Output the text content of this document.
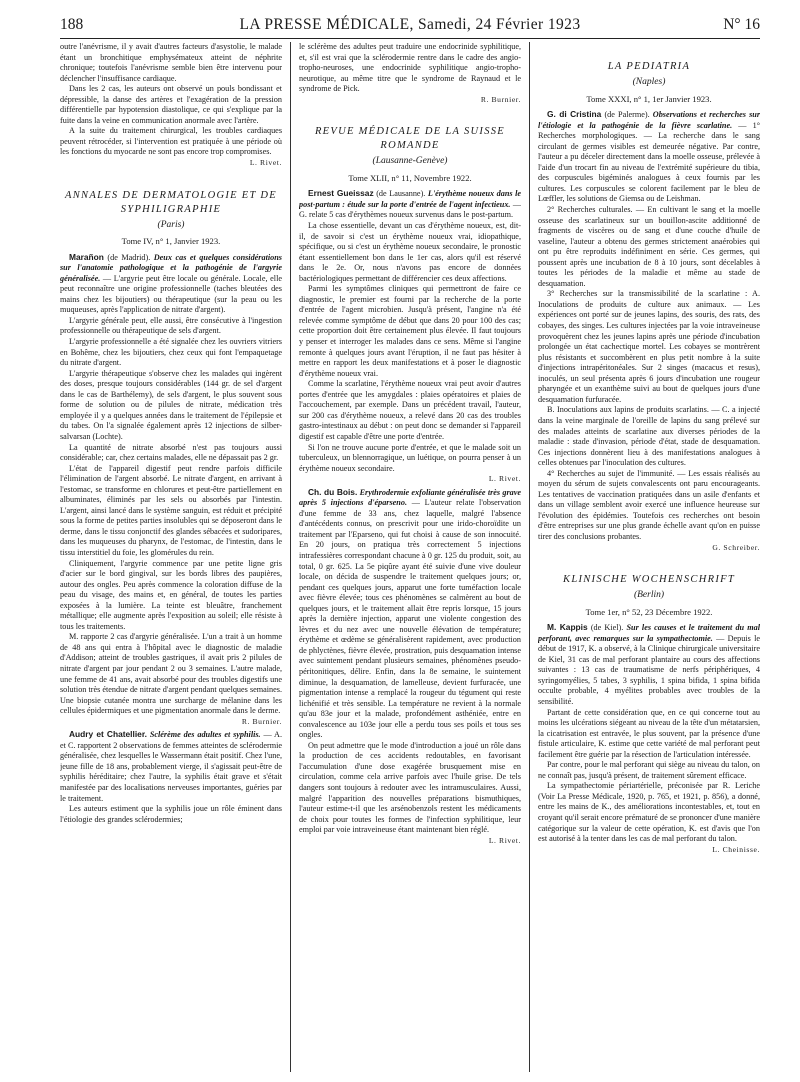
188	LA PRESSE MÉDICALE, Samedi, 24 Février 1923	N° 16

outre l'anévrisme, il y avait d'autres facteurs d'asystolie, le malade étant un bronchitique emphysémateux atteint de néphrite chronique; toutefois l'anévrisme semble bien être intervenu pour déclencher l'insuffisance cardiaque.

Dans les 2 cas, les auteurs ont observé un pouls bondissant et dépressible, la danse des artères et l'exagération de la pression différentielle par hypotension diastolique, ce qui s'explique par la fuite dans la veine en communication anormale avec l'artère.

A la suite du traitement chirurgical, les troubles cardiaques peuvent rétrocéder, si l'intervention est pratiquée à une période où les fonctions du myocarde ne sont pas encore trop compromises.

L. Rivet.
ANNALES DE DERMATOLOGIE ET DE SYPHILIGRAPHIE
(Paris)
Tome IV, n° 1, Janvier 1923.

Marañon (de Madrid). Deux cas et quelques considérations sur l'anatomie pathologique et la pathogénie de l'argyrie généralisée. — L'argyrie peut être locale ou générale. Locale, elle peut reconnaître une origine professionnelle (taches bleutées des mains chez les bijoutiers) ou thérapeutique (sur la peau ou les muqueuses, après l'application de nitrate d'argent).

L'argyrie générale peut, elle aussi, être consécutive à l'ingestion professionnelle ou thérapeutique de sels d'argent.

L'argyrie professionnelle a été signalée chez les ouvriers vitriers en Bohême, chez les bijoutiers, chez ceux qui font l'empaquetage du nitrate d'argent.

L'argyrie thérapeutique s'observe chez les malades qui ingèrent des doses, presque toujours considérables (144 gr. de sel d'argent dans le cas de Barthélemy), de sels d'argent, le plus souvent sous forme de solution ou de pilules de nitrate, médication très employée il y a quelques années dans le traitement de l'épilepsie et du tabes. On l'a signalée également après 12 injections de silber-salvarsan (Lochte).

La quantité de nitrate absorbé n'est pas toujours aussi considérable; car, chez certains malades, elle ne dépassait pas 2 gr.

L'état de l'appareil digestif peut rendre parfois difficile l'élimination de l'argent absorbé. Le nitrate d'argent, en arrivant à l'estomac, se transforme en chlorures et peut-être partiellement en albuminates, éliminés par les sels ou absorbés par l'intestin. L'argent, ainsi lancé dans le système sanguin, est réduit et précipité sous la forme de petites parties insolubles qui se déposeront dans le derme, dans le tissu conjonctif des glandes sébacées et sudoripares, dans les muqueuses du pharynx, de l'estomac, de l'intestin, dans le tissu interstitiel du foie, les glomérules du rein.

Cliniquement, l'argyrie commence par une petite ligne gris d'acier sur le bord gingival, sur les bords libres des paupières, autour des ongles. Peu après commence la coloration diffuse de la peau du visage, des mains et, en général, de toutes les parties exposées à la lumière. La teinte est bleuâtre, franchement métallique; elle augmente après l'exposition au soleil; elle résiste à tous les traitements.

M. rapporte 2 cas d'argyrie généralisée. L'un a trait à un homme de 48 ans qui entra à l'hôpital avec le diagnostic de maladie d'Addison; atteint de troubles gastriques, il avait pris 2 pilules de nitrate d'argent par jour pendant 2 ou 3 semaines. L'autre malade, une femme de 41 ans, avait absorbé pour des troubles digestifs une solution très étendue de nitrate d'argent pendant quelques semaines. Une biopsie cutanée montra une surcharge de mélanine dans les cellules épidermiques et une pigmentation anormale dans le derme.

R. Burnier.

Audry et Chatellier. Sclérème des adultes et syphilis. — A. et C. rapportent 2 observations de femmes atteintes de sclérodermie généralisée, chez lesquelles le Wassermann était positif. Chez l'une, jeune fille de 18 ans, probablement vierge, il s'agissait peut-être de syphilis héréditaire; chez l'autre, la syphilis était grave et s'était manifestée par des localisations nerveuses importantes, guéries par le traitement.

Les auteurs estiment que la syphilis joue un rôle éminent dans l'étiologie des grandes sclérodermies;

le sclérème des adultes peut traduire une endocrinide syphilitique, et, s'il est vrai que la sclérodermie rentre dans le cadre des angio-tropho-neuroses, une endocrinide syphilitique angio-tropho-neurotique, au même titre que le syndrome de Raynaud et le syndrome de Pick.

R. Burnier.
REVUE MÉDICALE DE LA SUISSE ROMANDE
(Lausanne-Genève)
Tome XLII, n° 11, Novembre 1922.

Ernest Gueissaz (de Lausanne). L'érythème noueux dans le post-partum : étude sur la porte d'entrée de l'agent infectieux. — G. relate 5 cas d'érythèmes noueux survenus dans le post-partum.

La chose essentielle, devant un cas d'érythème noueux, est, dit-il, de savoir si c'est un érythème noueux vrai, idiopathique, spécifique, ou si c'est un érythème noueux secondaire, le pronostic étant essentiellement bon dans le 1er cas, alors qu'il est réservé dans le 2e. Or, nous n'avons pas encore de données bactériologiques permettant de différencier ces deux affections.

Parmi les symptômes cliniques qui permettront de faire ce diagnostic, le premier est fourni par la recherche de la porte d'entrée de l'agent microbien. Jusqu'à présent, l'angine n'a été relevée comme symptôme de début que dans 20 pour 100 des cas; cette proportion doit être certainement plus élevée. Il faut toujours y penser et interroger les malades dans ce sens. Même si l'angine remonte à quelques jours avant l'éruption, il ne faut pas hésiter à mettre en rapport les deux manifestations et à poser le diagnostic d'érythème noueux vrai.

Comme la scarlatine, l'érythème noueux vrai peut avoir d'autres portes d'entrée que les amygdales : plaies opératoires et plaies de l'accouchement, par exemple. Dans un précédent travail, l'auteur, sur 200 cas d'érythème noueux, a relevé dans 20 cas des troubles gastro-intestinaux au début : on peut donc se demander si l'appareil digestif est capable d'être une porte d'entrée.

Si l'on ne trouve aucune porte d'entrée, et que le malade soit un tuberculeux, un blennorragique, un luétique, on pourra penser à un érythème noueux secondaire.

L. Rivet.

Ch. du Bois. Erythrodermie exfoliante généralisée très grave après 5 injections d'éparseno. — L'auteur relate l'observation d'une femme de 33 ans, chez laquelle, malgré l'absence d'antécédents connus, on prescrivit pour une irido-choroïdite un traitement par l'Eparseno, qui fut choisi à cause de son innocuité. En 20 jours, on pratiqua très correctement 5 injections intrafessières correspondant chacune à 0 gr. 125 du produit, soit, au total, 0 gr. 625. La 5e piqûre ayant été suivie d'une vive douleur locale, on décida de suspendre le traitement quelques jours; or, pendant ces quelques jours, apparut une forte tuméfaction locale avec fièvre élevée; tous ces phénomènes se calmèrent au bout de quelques jours, et le traitement allait être repris lorsque, 15 jours après la dernière injection, apparut une violente congestion des lèvres et du nez avec une nouvelle élévation de température; érythème et œdème se généralisèrent rapidement, avec production de phlyctènes, fièvre élevée, prostration, puis desquamation intense avec suintement pendant plusieurs semaines, phénomènes pseudo-péritonitiques, délire. Enfin, dans la 8e semaine, le suintement diminue, la desquamation, de lamelleuse, devient furfuracée, une pigmentation intense a remplacé la rougeur du tégument qui reste lichénifié et très sensible. La température ne revient à la normale qu'au 83e jour et la malade, profondément asthéniée, entre en convalescence au 103e jour elle a perdu tous ses poils et tous ses ongles.

On peut admettre que le mode d'introduction a joué un rôle dans la production de ces accidents redoutables, en favorisant l'accumulation d'une dose exagérée brusquement mise en circulation, comme cela arrive parfois avec l'huile grise. De tels dangers sont toujours à redouter avec les intramusculaires. Aussi, malgré l'apparition des nouvelles préparations bismuthiques, l'auteur estime-t-il que les arsénobenzols restent les médicaments de choix pour toutes les formes de l'infection syphilitique, leur emploi par voie intraveineuse étant maintenant bien réglé.

L. Rivet.
LA PEDIATRIA
(Naples)
Tome XXXI, n° 1, 1er Janvier 1923.

G. di Cristina (de Palerme). Observations et recherches sur l'étiologie et la pathogénie de la fièvre scarlatine. — 1° Recherches morphologiques. — La recherche dans le sang circulant de germes visibles est demeurée négative. Par contre, l'auteur a pu déceler directement dans la moelle osseuse, prélevée à l'aide d'un trocart fin au niveau de l'extrémité supérieure du tibia, des corpuscules bigéminés analogues à ceux fournis par les cultures. Les corpuscules se colorent facilement par le bleu de Lœffler, les solutions de Giemsa ou de Leishman.

2° Recherches culturales. — En cultivant le sang et la moelle osseuse des scarlatineux sur un bouillon-ascite additionné de fragments de viscères ou de sang et d'une couche d'huile de vaseline, l'auteur a obtenu des germes strictement anaérobies qui ont pu être reproduits indéfiniment en série. Ces germes, qui poussent après une incubation de 8 à 10 jours, sont décelables à toutes les périodes de la maladie et même au stade de desquamation.

3° Recherches sur la transmissibilité de la scarlatine : A. Inoculations de produits de culture aux animaux. — Les expériences ont porté sur de jeunes lapins, des souris, des rats, des cobayes, des singes. Les cultures injectées par la voie intraveineuse provoquèrent chez les jeunes lapins après une période d'incubation prolongée un état cachectique mortel. Les cobayes se montrèrent plus résistants et succombèrent en plus petit nombre à la suite d'injections intrapéritonéales. Sur 2 singes (macacus et resus), inoculés, un seul présenta après 6 jours d'incubation une rougeur pharyngée et un exanthème suivi au bout de quelques jours d'une desquamation furfuracée.

B. Inoculations aux lapins de produits scarlatins. — C. a injecté dans la veine marginale de l'oreille de lapins du sang prélevé sur des malades atteints de scarlatine aux diverses périodes de la maladie : stade d'invasion, période d'état, stade de desquamation. Ces injections donnèrent lieu à des manifestations analogues à celles obtenues par l'inoculation des cultures.

4° Recherches au sujet de l'immunité. — Les essais réalisés au moyen du sérum de sujets convalescents ont paru encourageants. Les tentatives de vaccination pratiquées dans un asile d'enfants et dans un village semblent avoir exercé une influence heureuse sur l'évolution des épidémies. Toutefois ces recherches ont besoin d'être entreprises sur une plus grande échelle avant qu'on en puisse tirer des conclusions probantes.

G. Schreiber.
KLINISCHE WOCHENSCHRIFT
(Berlin)
Tome 1er, n° 52, 23 Décembre 1922.

M. Kappis (de Kiel). Sur les causes et le traitement du mal perforant, avec remarques sur la sympathectomie. — Depuis le début de 1917, K. a observé, à la Clinique chirurgicale universitaire de Kiel, 31 cas de mal perforant plantaire au cours des affections suivantes : 13 cas de traumatisme de nerfs périphériques, 4 syringomyélies, 5 tabes, 3 syphilis, 1 spina bifida, 1 spina bifida occulte probable, 4 myélites probables avec troubles de la sensibilité.

Partant de cette considération que, en ce qui concerne tout au moins les ulcérations siégeant au niveau de la tête d'un métatarsien, la cicatrisation est entravée, le plus souvent, par la présence d'une fistule articulaire, K. estime que cette variété de mal perforant peut facilement être guérie par la résection de l'articulation intéressée.

Par contre, pour le mal perforant qui siège au niveau du talon, on ne connaît pas, jusqu'à présent, de traitement sûrement efficace.

La sympathectomie périartérielle, préconisée par R. Leriche (Voir La Presse Médicale, 1920, p. 765, et 1921, p. 856), a donné, entre les mains de K., des améliorations incontestables, et, tout en croyant qu'il serait encore prématuré de se prononcer d'une manière catégorique sur la valeur de cette opération, K. est d'avis que l'on est autorisé à la tenter dans les cas de mal perforant du talon.

L. Cheinisse.
